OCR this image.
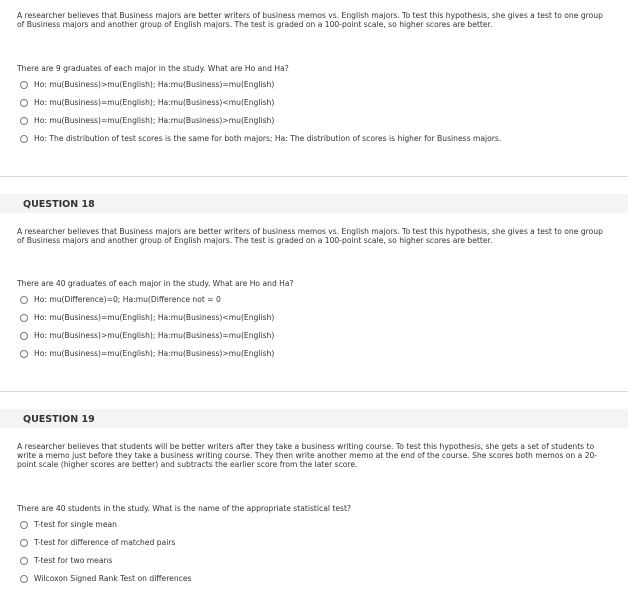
A researcher believes that Business majors are better writers of business memos vs. English majors. To test this hypothesis, she gives a test to one group of Business majors and another group of English majors. The test is graded on a 100-point scale, so higher scores are better.

There are 9 graduates of each major in the study. What are Ho and Ha?

Ho: mu(Business)>mu(English); Ha:mu(Business)=mu(English)
Ho: mu(Business)=mu(English); Ha:mu(Business)<mu(English)
Ho: mu(Business)=mu(English); Ha:mu(Business)>mu(English)
Ho: The distribution of test scores is the same for both majors; Ha: The distribution of scores is higher for Business majors.
QUESTION 18

A researcher believes that Business majors are better writers of business memos vs. English majors. To test this hypothesis, she gives a test to one group of Business majors and another group of English majors. The test is graded on a 100-point scale, so higher scores are better.

There are 40 graduates of each major in the study. What are Ho and Ha?

Ho: mu(Difference)=0; Ha:mu(Difference not = 0
Ho: mu(Business)=mu(English); Ha:mu(Business)<mu(English)
Ho: mu(Business)>mu(English); Ha:mu(Business)=mu(English)
Ho: mu(Business)=mu(English); Ha:mu(Business)>mu(English)
QUESTION 19

A researcher believes that students will be better writers after they take a business writing course. To test this hypothesis, she gets a set of students to write a memo just before they take a business writing course. They then write another memo at the end of the course. She scores both memos on a 20-point scale (higher scores are better) and subtracts the earlier score from the later score.

There are 40 students in the study. What is the name of the appropriate statistical test?

T-test for single mean
T-test for difference of matched pairs
T-test for two means
Wilcoxon Signed Rank Test on differences
